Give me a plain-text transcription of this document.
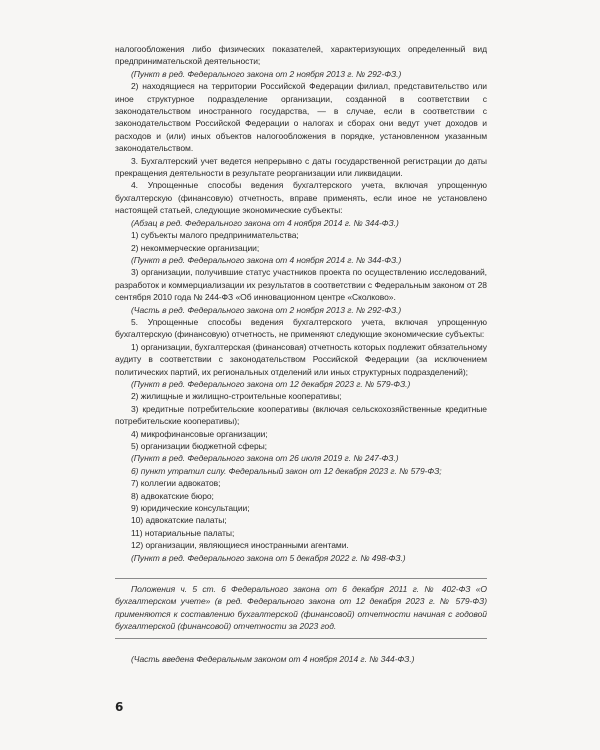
налогообложения либо физических показателей, характеризующих определенный вид предпринимательской деятельности;

(Пункт в ред. Федерального закона от 2 ноября 2013 г. № 292-ФЗ.)

2) находящиеся на территории Российской Федерации филиал, представительство или иное структурное подразделение организации, созданной в соответствии с законодательством иностранного государства, — в случае, если в соответствии с законодательством Российской Федерации о налогах и сборах они ведут учет доходов и расходов и (или) иных объектов налогообложения в порядке, установленном указанным законодательством.

3. Бухгалтерский учет ведется непрерывно с даты государственной регистрации до даты прекращения деятельности в результате реорганизации или ликвидации.

4. Упрощенные способы ведения бухгалтерского учета, включая упрощенную бухгалтерскую (финансовую) отчетность, вправе применять, если иное не установлено настоящей статьей, следующие экономические субъекты:

(Абзац в ред. Федерального закона от 4 ноября 2014 г. № 344-ФЗ.)

1) субъекты малого предпринимательства;

2) некоммерческие организации;

(Пункт в ред. Федерального закона от 4 ноября 2014 г. № 344-ФЗ.)

3) организации, получившие статус участников проекта по осуществлению исследований, разработок и коммерциализации их результатов в соответствии с Федеральным законом от 28 сентября 2010 года № 244-ФЗ «Об инновационном центре «Сколково».

(Часть в ред. Федерального закона от 2 ноября 2013 г. № 292-ФЗ.)

5. Упрощенные способы ведения бухгалтерского учета, включая упрощенную бухгалтерскую (финансовую) отчетность, не применяют следующие экономические субъекты:

1) организации, бухгалтерская (финансовая) отчетность которых подлежит обязательному аудиту в соответствии с законодательством Российской Федерации (за исключением политических партий, их региональных отделений или иных структурных подразделений);

(Пункт в ред. Федерального закона от 12 декабря 2023 г. № 579-ФЗ.)

2) жилищные и жилищно-строительные кооперативы;

3) кредитные потребительские кооперативы (включая сельскохозяйственные кредитные потребительские кооперативы);

4) микрофинансовые организации;

5) организации бюджетной сферы;

(Пункт в ред. Федерального закона от 26 июля 2019 г. № 247-ФЗ.)

6) пункт утратил силу. Федеральный закон от 12 декабря 2023 г. № 579-ФЗ;

7) коллегии адвокатов;

8) адвокатские бюро;

9) юридические консультации;

10) адвокатские палаты;

11) нотариальные палаты;

12) организации, являющиеся иностранными агентами.

(Пункт в ред. Федерального закона от 5 декабря 2022 г. № 498-ФЗ.)

Положения ч. 5 ст. 6 Федерального закона от 6 декабря 2011 г. № 402-ФЗ «О бухгалтерском учете» (в ред. Федерального закона от 12 декабря 2023 г. № 579-ФЗ) применяются к составлению бухгалтерской (финансовой) отчетности начиная с годовой бухгалтерской (финансовой) отчетности за 2023 год.
(Часть введена Федеральным законом от 4 ноября 2014 г. № 344-ФЗ.)
6
